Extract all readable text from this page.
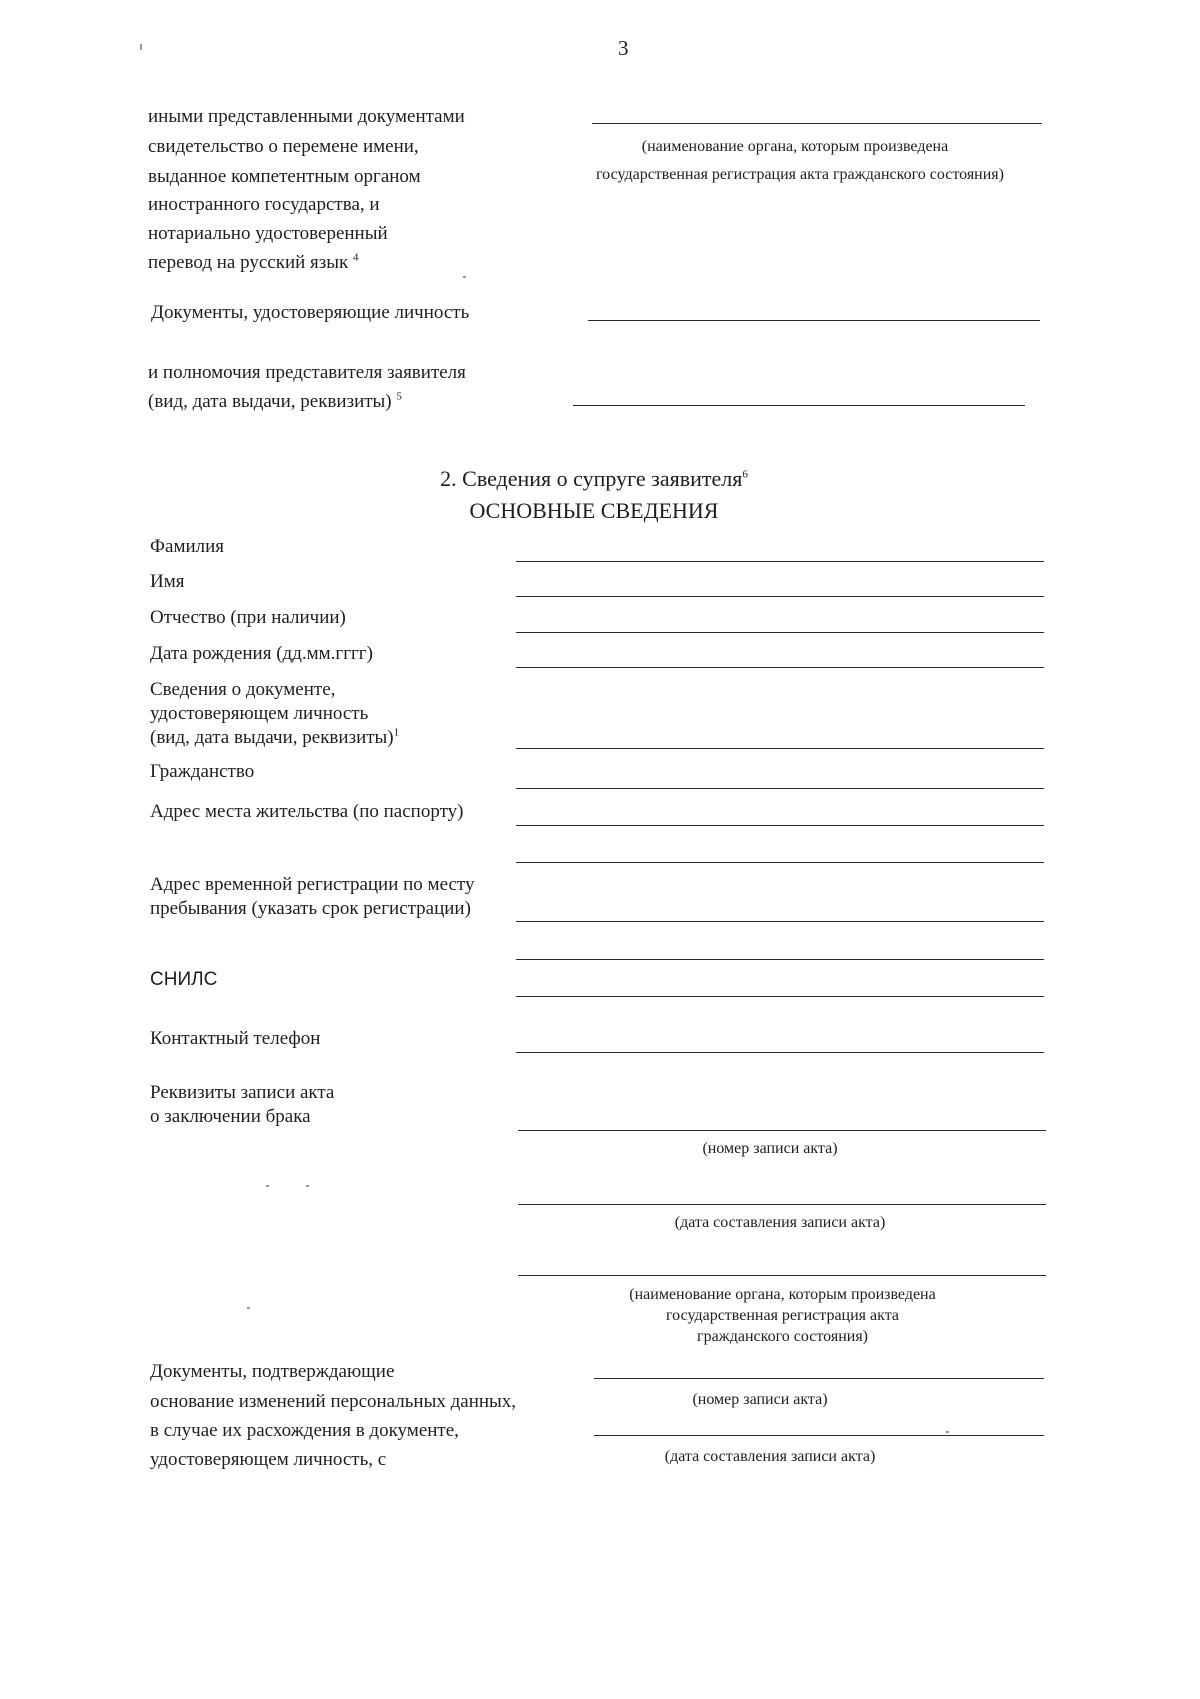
3
иными представленными документами
свидетельство о перемене имени,
выданное компетентным органом
иностранного государства, и
нотариально удостоверенный
перевод на русский язык $^4$
(наименование органа, которым произведена
государственная регистрация акта гражданского состояния)
Документы, удостоверяющие личность
и полномочия представителя заявителя
(вид, дата выдачи, реквизиты) $^5$
2. Сведения о супруге заявителя$^6$
ОСНОВНЫЕ СВЕДЕНИЯ
Фамилия
Имя
Отчество (при наличии)
Дата рождения (дд.мм.гггг)
Сведения о документе,
удостоверяющем личность
(вид, дата выдачи, реквизиты)$^1$
Гражданство
Адрес места жительства (по паспорту)
Адрес временной регистрации по месту
пребывания (указать срок регистрации)
СНИЛС
Контактный телефон
Реквизиты записи акта
о заключении брака
(номер записи акта)
(дата составления записи акта)
(наименование органа, которым произведена
государственная регистрация акта
гражданского состояния)
Документы, подтверждающие
основание изменений персональных данных,
в случае их расхождения в документе,
удостоверяющем личность, с
(номер записи акта)
(дата составления записи акта)
